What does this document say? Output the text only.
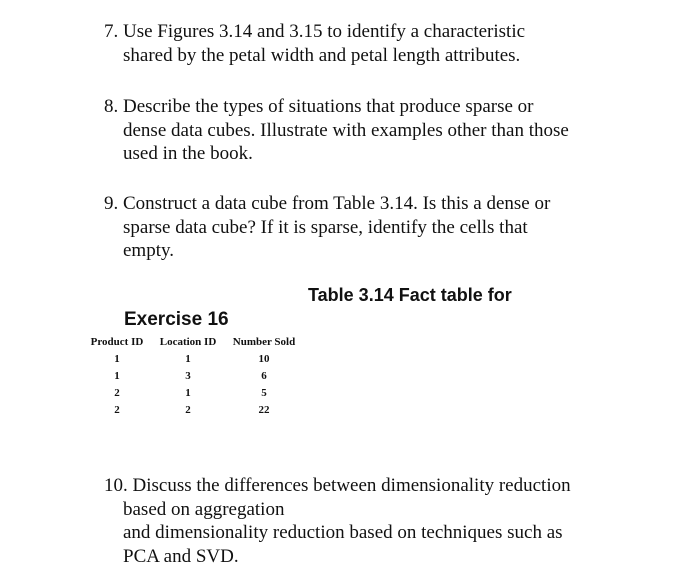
7. Use Figures 3.14 and 3.15 to identify a characteristic
shared by the petal width and petal length attributes.
8. Describe the types of situations that produce sparse or
dense data cubes. Illustrate with examples other than those
used in the book.
9. Construct a data cube from Table 3.14. Is this a dense or
sparse data cube? If it is sparse, identify the cells that
empty.
Table 3.14 Fact table for
Exercise 16
Product ID	Location ID	Number Sold
1	1	10
1	3	6
2	1	5
2	2	22
10. Discuss the differences between dimensionality reduction
based on aggregation
and dimensionality reduction based on techniques such as
PCA and SVD.
